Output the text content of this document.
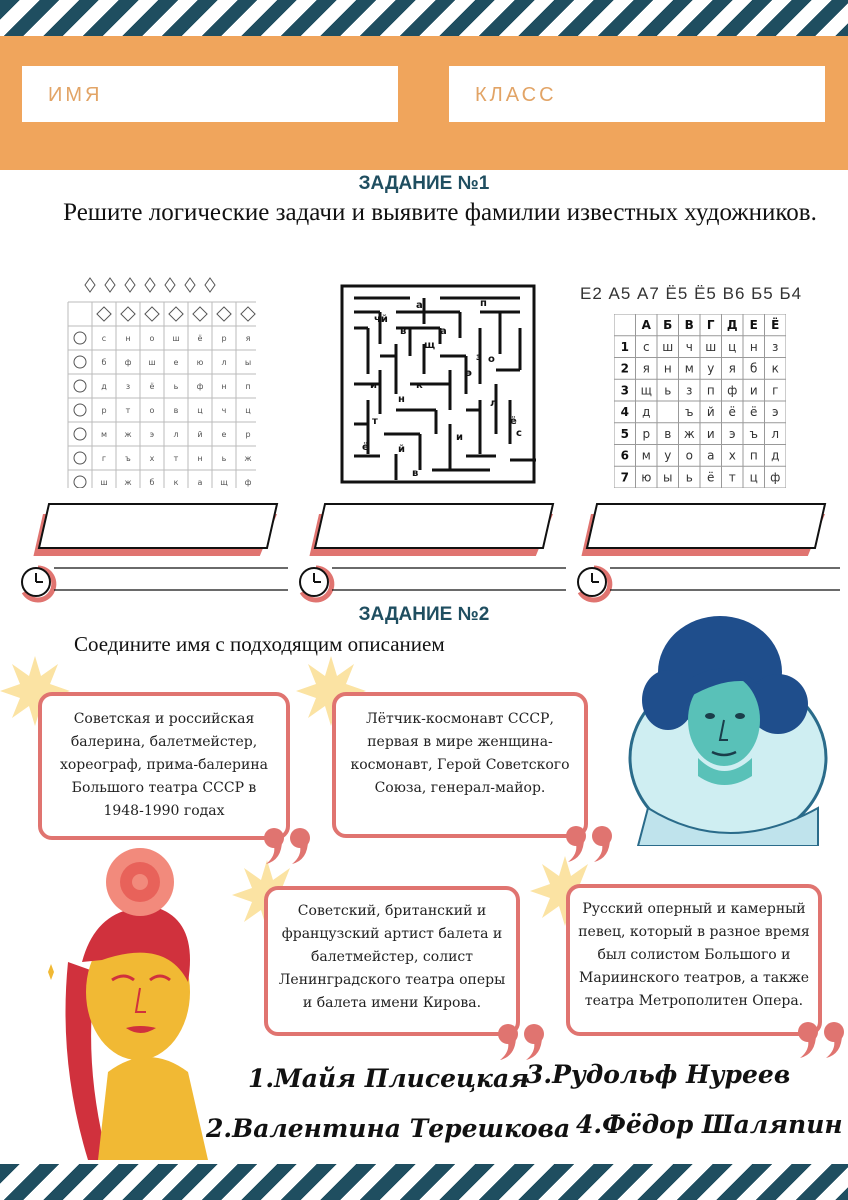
ИМЯ	КЛАСС
ЗАДАНИЕ №1
Решите логические задачи и выявите фамилии известных художников.
с н о ш ё р я
б ф ш е ю л ы
д з ё ь ф н п
р т о в ц ч ц
м ж э л й е р
г ъ х т н ь ж
ш ж б к а щ ф
а	п
чй
в	а
щ
з о
и
э
н
к
т
ё	й
и	с
ё
в
л
Е2 А5 А7 Ё5 Ё5 В6 Б5 Б4
А Б В Г Д Е Ё
1 с ш ч ш ц н з
2 я н м у я б к
3 щ ь з п ф и г
4 д	ъ й ё ё э
5 р в ж и э ъ л
6 м у о а х п д
7 ю ы ь ё т ц ф
ЗАДАНИЕ №2
Соедините имя с подходящим описанием
Советская и российская балерина, балетмейстер, хореограф, прима-балерина Большого театра СССР в 1948-1990 годах
Лётчик-космонавт СССР, первая в мире женщина-космонавт, Герой Советского Союза, генерал-майор.
Советский, британский и французский артист балета и балетмейстер, солист Ленинградского театра оперы и балета имени Кирова.
Русский оперный и камерный певец, который в разное время был солистом Большого и Мариинского театров, а также театра Метрополитен Опера.
1.Майя Плисецкая
2.Валентина Терешкова
3.Рудольф Нуреев
4.Фёдор Шаляпин
